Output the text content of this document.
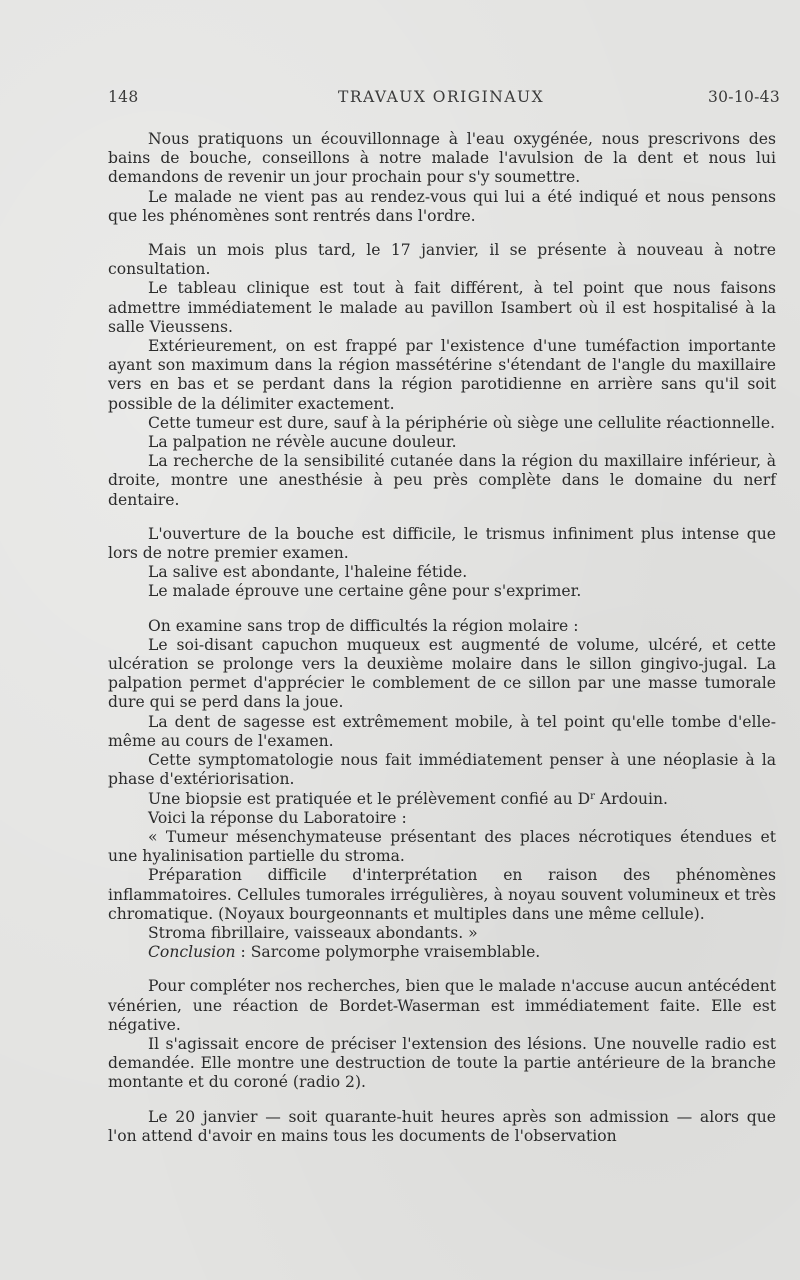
148	TRAVAUX ORIGINAUX	30-10-43

Nous pratiquons un écouvillonnage à l'eau oxygénée, nous prescrivons des bains de bouche, conseillons à notre malade l'avulsion de la dent et nous lui demandons de revenir un jour prochain pour s'y soumettre.

Le malade ne vient pas au rendez-vous qui lui a été indiqué et nous pensons que les phénomènes sont rentrés dans l'ordre.

Mais un mois plus tard, le 17 janvier, il se présente à nouveau à notre consultation.

Le tableau clinique est tout à fait différent, à tel point que nous faisons admettre immédiatement le malade au pavillon Isambert où il est hospitalisé à la salle Vieussens.

Extérieurement, on est frappé par l'existence d'une tuméfaction importante ayant son maximum dans la région massétérine s'étendant de l'angle du maxillaire vers en bas et se perdant dans la région parotidienne en arrière sans qu'il soit possible de la délimiter exactement.

Cette tumeur est dure, sauf à la périphérie où siège une cellulite réactionnelle.

La palpation ne révèle aucune douleur.

La recherche de la sensibilité cutanée dans la région du maxillaire inférieur, à droite, montre une anesthésie à peu près complète dans le domaine du nerf dentaire.

L'ouverture de la bouche est difficile, le trismus infiniment plus intense que lors de notre premier examen.

La salive est abondante, l'haleine fétide.

Le malade éprouve une certaine gêne pour s'exprimer.

On examine sans trop de difficultés la région molaire :

Le soi-disant capuchon muqueux est augmenté de volume, ulcéré, et cette ulcération se prolonge vers la deuxième molaire dans le sillon gingivo-jugal. La palpation permet d'apprécier le comblement de ce sillon par une masse tumorale dure qui se perd dans la joue.

La dent de sagesse est extrêmement mobile, à tel point qu'elle tombe d'elle-même au cours de l'examen.

Cette symptomatologie nous fait immédiatement penser à une néoplasie à la phase d'extériorisation.

Une biopsie est pratiquée et le prélèvement confié au $D^r$ Ardouin.

Voici la réponse du Laboratoire :

« Tumeur mésenchymateuse présentant des places nécrotiques étendues et une hyalinisation partielle du stroma.

Préparation difficile d'interprétation en raison des phénomènes inflammatoires. Cellules tumorales irrégulières, à noyau souvent volumineux et très chromatique. (Noyaux bourgeonnants et multiples dans une même cellule).

Stroma fibrillaire, vaisseaux abondants. »

Conclusion : Sarcome polymorphe vraisemblable.

Pour compléter nos recherches, bien que le malade n'accuse aucun antécédent vénérien, une réaction de Bordet-Waserman est immédiatement faite. Elle est négative.

Il s'agissait encore de préciser l'extension des lésions. Une nouvelle radio est demandée. Elle montre une destruction de toute la partie antérieure de la branche montante et du coroné (radio 2).

Le 20 janvier — soit quarante-huit heures après son admission — alors que l'on attend d'avoir en mains tous les documents de l'observation
